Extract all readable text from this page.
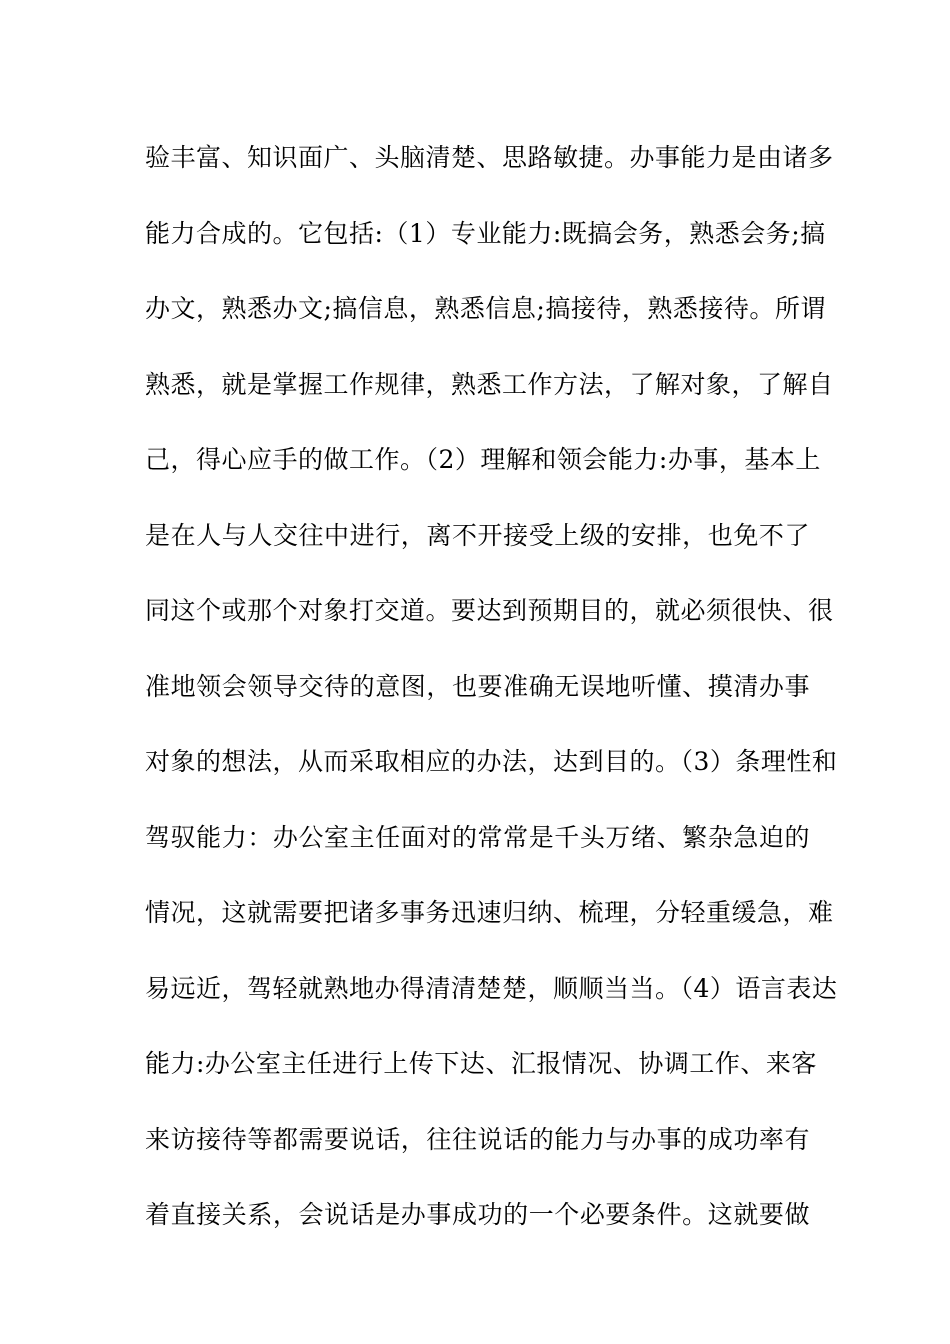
验丰富、知识面广、头脑清楚、思路敏捷。办事能力是由诸多
能力合成的。它包括:（1）专业能力:既搞会务，熟悉会务;搞
办文，熟悉办文;搞信息，熟悉信息;搞接待，熟悉接待。所谓
熟悉，就是掌握工作规律，熟悉工作方法，了解对象，了解自
己，得心应手的做工作。（2）理解和领会能力:办事，基本上
是在人与人交往中进行，离不开接受上级的安排，也免不了
同这个或那个对象打交道。要达到预期目的，就必须很快、很
准地领会领导交待的意图，也要准确无误地听懂、摸清办事
对象的想法，从而采取相应的办法，达到目的。（3）条理性和
驾驭能力：办公室主任面对的常常是千头万绪、繁杂急迫的
情况，这就需要把诸多事务迅速归纳、梳理，分轻重缓急，难
易远近，驾轻就熟地办得清清楚楚，顺顺当当。（4）语言表达
能力:办公室主任进行上传下达、汇报情况、协调工作、来客
来访接待等都需要说话，往往说话的能力与办事的成功率有
着直接关系，会说话是办事成功的一个必要条件。这就要做
